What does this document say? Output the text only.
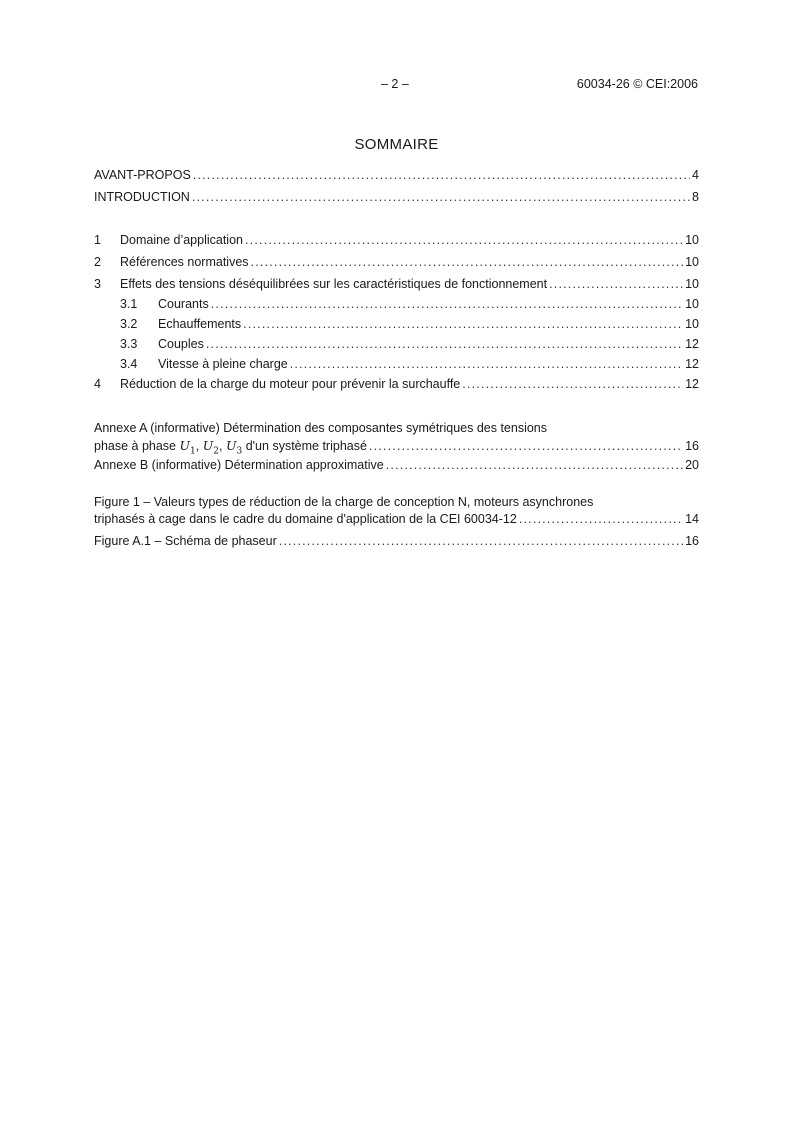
– 2 –	60034-26 © CEI:2006
SOMMAIRE
AVANT-PROPOS .....	4
INTRODUCTION .....	8
1	Domaine d’application .....	10
2	Références normatives .....	10
3	Effets des tensions déséquilibrées sur les caractéristiques de fonctionnement .....	10
3.1	Courants .....	10
3.2	Echauffements .....	10
3.3	Couples .....	12
3.4	Vitesse à pleine charge .....	12
4	Réduction de la charge du moteur pour prévenir la surchauffe .....	12
Annexe A (informative) Détermination des composantes symétriques des tensions
phase à phase $U_1$, $U_2$, $U_3$ d'un système triphasé .....	16
Annexe B (informative) Détermination approximative .....	20
Figure 1 – Valeurs types de réduction de la charge de conception N, moteurs asynchrones
triphasés à cage dans le cadre du domaine d'application de la CEI 60034-12 .....	14
Figure A.1 – Schéma de phaseur .....	16
